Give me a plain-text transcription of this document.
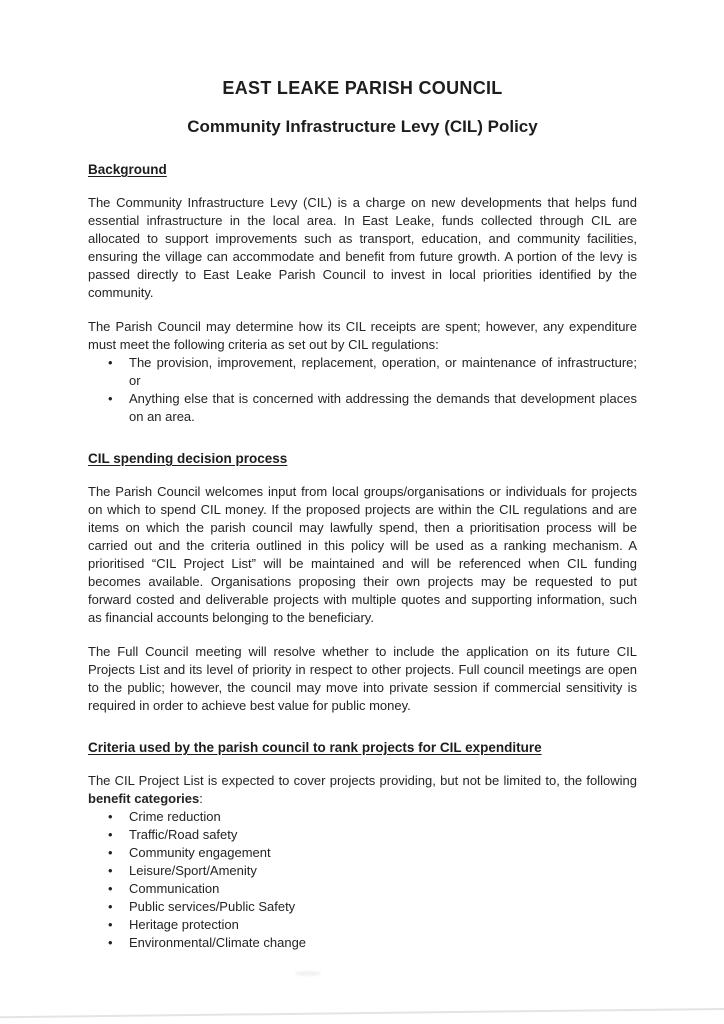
EAST LEAKE PARISH COUNCIL
Community Infrastructure Levy (CIL) Policy
Background

The Community Infrastructure Levy (CIL) is a charge on new developments that helps fund essential infrastructure in the local area. In East Leake, funds collected through CIL are allocated to support improvements such as transport, education, and community facilities, ensuring the village can accommodate and benefit from future growth. A portion of the levy is passed directly to East Leake Parish Council to invest in local priorities identified by the community.

The Parish Council may determine how its CIL receipts are spent; however, any expenditure must meet the following criteria as set out by CIL regulations:

• The provision, improvement, replacement, operation, or maintenance of infrastructure; or
• Anything else that is concerned with addressing the demands that development places on an area.
CIL spending decision process

The Parish Council welcomes input from local groups/organisations or individuals for projects on which to spend CIL money. If the proposed projects are within the CIL regulations and are items on which the parish council may lawfully spend, then a prioritisation process will be carried out and the criteria outlined in this policy will be used as a ranking mechanism. A prioritised “CIL Project List” will be maintained and will be referenced when CIL funding becomes available. Organisations proposing their own projects may be requested to put forward costed and deliverable projects with multiple quotes and supporting information, such as financial accounts belonging to the beneficiary.

The Full Council meeting will resolve whether to include the application on its future CIL Projects List and its level of priority in respect to other projects. Full council meetings are open to the public; however, the council may move into private session if commercial sensitivity is required in order to achieve best value for public money.

Criteria used by the parish council to rank projects for CIL expenditure

The CIL Project List is expected to cover projects providing, but not be limited to, the following benefit categories:

• Crime reduction
• Traffic/Road safety
• Community engagement
• Leisure/Sport/Amenity
• Communication
• Public services/Public Safety
• Heritage protection
• Environmental/Climate change
